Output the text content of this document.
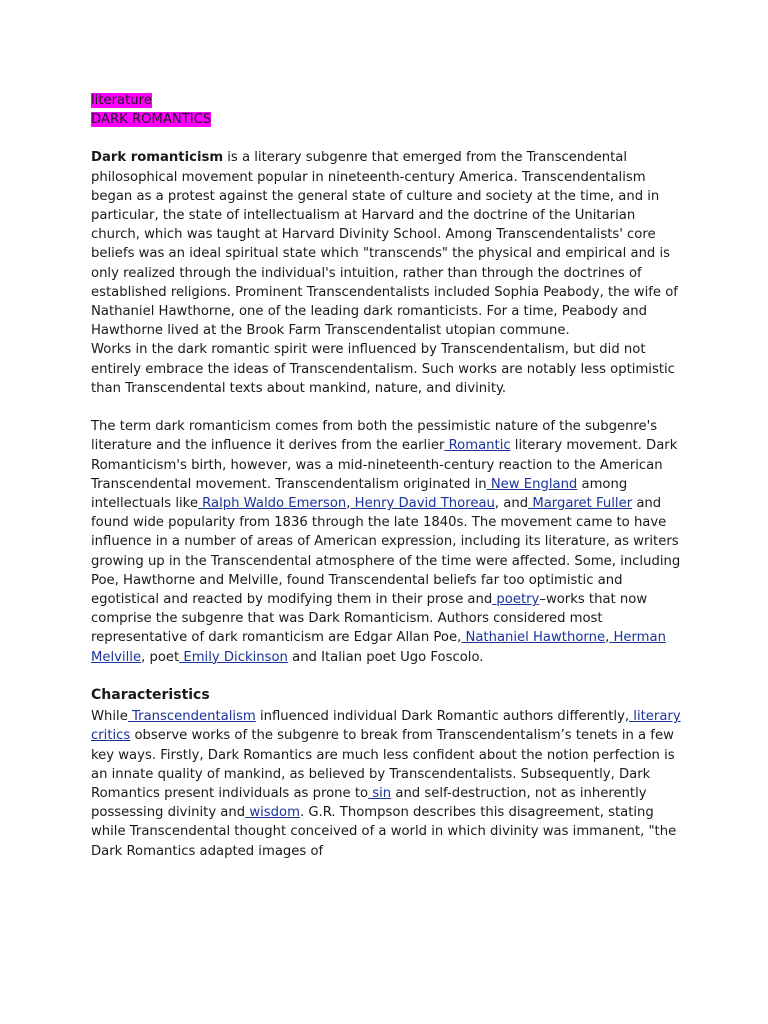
literature
DARK ROMANTICS

Dark romanticism is a literary subgenre that emerged from the Transcendental philosophical movement popular in nineteenth-century America. Transcendentalism began as a protest against the general state of culture and society at the time, and in particular, the state of intellectualism at Harvard and the doctrine of the Unitarian church, which was taught at Harvard Divinity School. Among Transcendentalists' core beliefs was an ideal spiritual state which "transcends" the physical and empirical and is only realized through the individual's intuition, rather than through the doctrines of established religions. Prominent Transcendentalists included Sophia Peabody, the wife of Nathaniel Hawthorne, one of the leading dark romanticists. For a time, Peabody and Hawthorne lived at the Brook Farm Transcendentalist utopian commune.

Works in the dark romantic spirit were influenced by Transcendentalism, but did not entirely embrace the ideas of Transcendentalism. Such works are notably less optimistic than Transcendental texts about mankind, nature, and divinity.

The term dark romanticism comes from both the pessimistic nature of the subgenre's literature and the influence it derives from the earlier Romantic literary movement. Dark Romanticism's birth, however, was a mid-nineteenth-century reaction to the American Transcendental movement. Transcendentalism originated in New England among intellectuals like Ralph Waldo Emerson, Henry David Thoreau, and Margaret Fuller and found wide popularity from 1836 through the late 1840s. The movement came to have influence in a number of areas of American expression, including its literature, as writers growing up in the Transcendental atmosphere of the time were affected. Some, including Poe, Hawthorne and Melville, found Transcendental beliefs far too optimistic and egotistical and reacted by modifying them in their prose and poetry–works that now comprise the subgenre that was Dark Romanticism. Authors considered most representative of dark romanticism are Edgar Allan Poe, Nathaniel Hawthorne, Herman Melville, poet Emily Dickinson and Italian poet Ugo Foscolo.

Characteristics

While Transcendentalism influenced individual Dark Romantic authors differently, literary critics observe works of the subgenre to break from Transcendentalism’s tenets in a few key ways. Firstly, Dark Romantics are much less confident about the notion perfection is an innate quality of mankind, as believed by Transcendentalists. Subsequently, Dark Romantics present individuals as prone to sin and self-destruction, not as inherently possessing divinity and wisdom. G.R. Thompson describes this disagreement, stating while Transcendental thought conceived of a world in which divinity was immanent, "the Dark Romantics adapted images of
